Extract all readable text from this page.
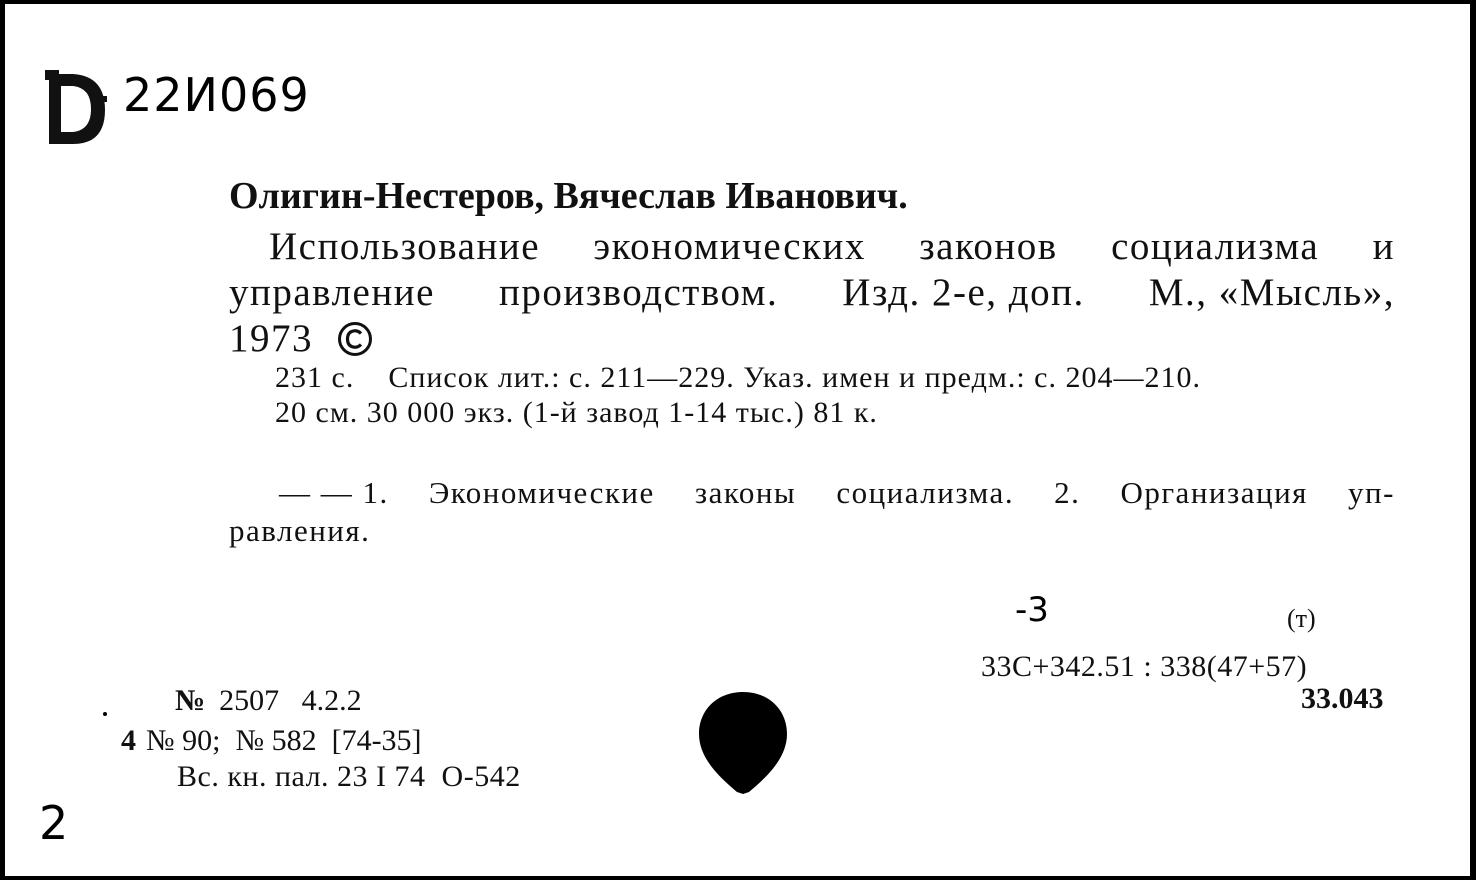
22И069
Олигин-Нестеров, Вячеслав Иванович.
Использование экономических законов социализма и
управление производством. Изд. 2-е, доп. М., «Мысль»,
1973
231 с.    Список лит.: с. 211—229. Указ. имен и предм.: с. 204—210.
20 см. 30 000 экз. (1-й завод 1-14 тыс.) 81 к.
— — 1. Экономические законы социализма. 2. Организация уп-
равления.
-3	(т)
33С+342.51 : 338(47+57)
33.043
№ 2507   4.2.2
4 № 90;  № 582  [74-35]
Вс. кн. пал. 23 I 74  О-542
2
